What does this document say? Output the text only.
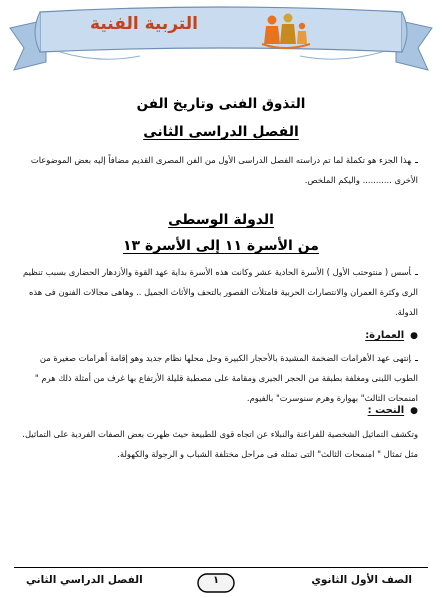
التربية الفنية
التذوق الفنى وتاريخ الفن
الفصل الدراسى الثانى
ـهذا الجزء هو تكملة لما تم دراسته الفصل الدراسى الأول من الفن المصرى القديم مضافاً إليه بعض الموضوعات الأخرى ........... واليكم الملخص.
الدولة الوسطى
من الأسرة ١١ إلى الأسرة ١٣
ـأسس ( منتوحتب الأول ) الأسرة الحادية عشر وكانت هذه الأسرة بداية عهد القوة والأزدهار الحضارى بسبب تنظيم الرى وكثرة العمران والانتصارات الحربية فامتلأت القصور بالتحف والأثاث الجميل .. وهاهى مجالات الفنون فى هذه الدولة.
●العمارة:
ـإنتهى عهد الأهرامات الضخمة المشيدة بالأحجار الكبيرة وحل محلها نظام جديد وهو إقامة أهرامات صغيرة من الطوب اللبنى ومغلفة بطبقة من الحجر الجيرى ومقامة على مصطبة قليلة الأرتفاع بها غرف من أمثلة ذلك هرم " امنمحات الثالث" بهوارة وهرم سنوسرت" بالفيوم.
●النحت :
وتكشف التماثيل الشخصية للفراعنة والنبلاء عن اتجاه قوى للطبيعة حيث ظهرت بعض الصفات الفردية على التماثيل. مثل تمثال " امنمحات الثالث" التى تمثله فى مراحل مختلفة الشباب و الرجولة والكهولة.
الصف الأول الثانوي
١
الفصل الدراسي الثاني
